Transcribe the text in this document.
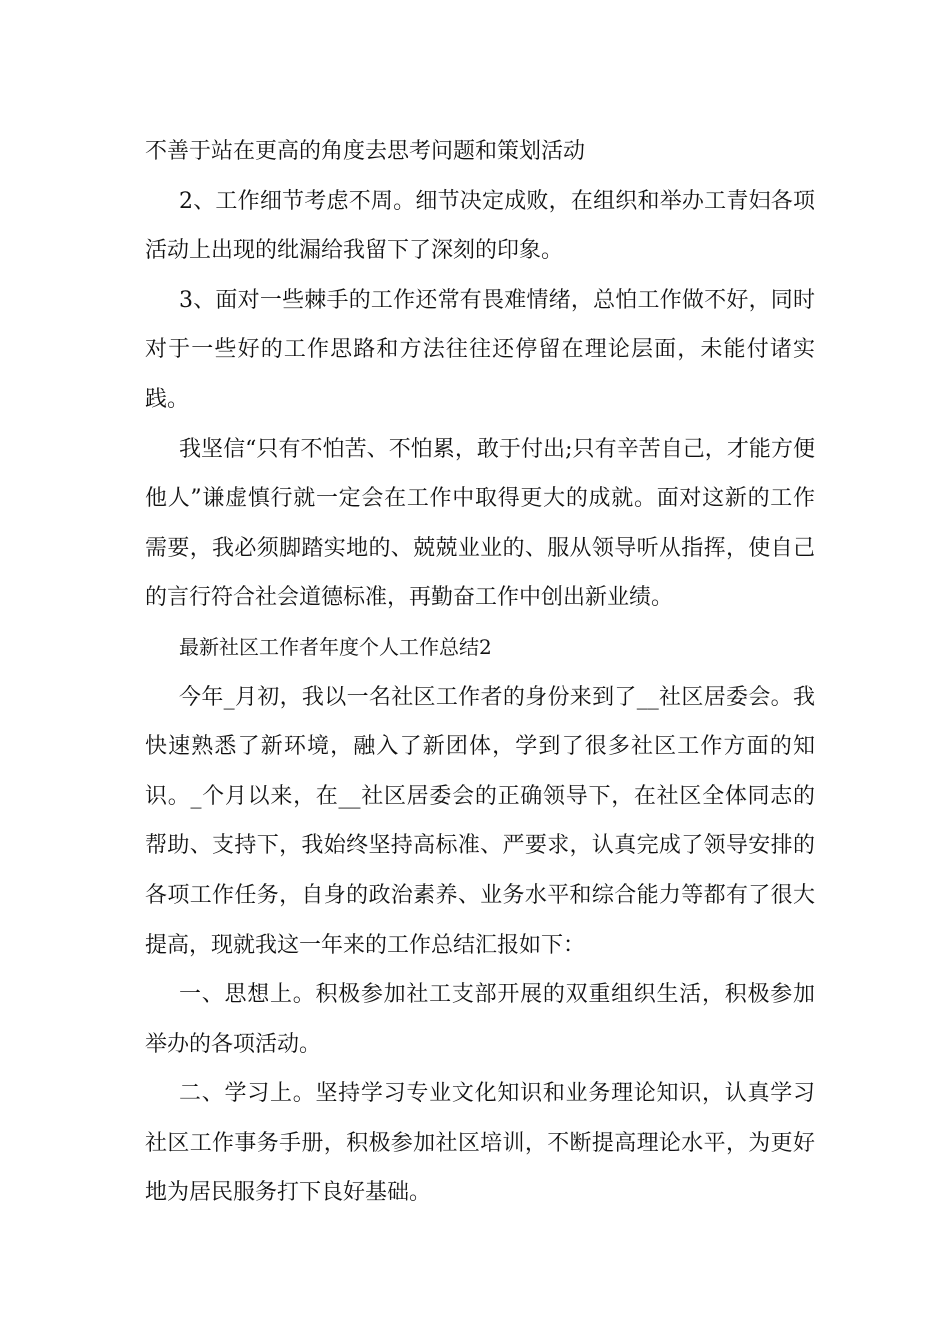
不善于站在更高的角度去思考问题和策划活动

2、工作细节考虑不周。细节决定成败，在组织和举办工青妇各项活动上出现的纰漏给我留下了深刻的印象。

3、面对一些棘手的工作还常有畏难情绪，总怕工作做不好，同时对于一些好的工作思路和方法往往还停留在理论层面，未能付诸实践。

我坚信“只有不怕苦、不怕累，敢于付出;只有辛苦自己，才能方便他人”谦虚慎行就一定会在工作中取得更大的成就。面对这新的工作需要，我必须脚踏实地的、兢兢业业的、服从领导听从指挥，使自己的言行符合社会道德标准，再勤奋工作中创出新业绩。

最新社区工作者年度个人工作总结2

今年_月初，我以一名社区工作者的身份来到了__社区居委会。我快速熟悉了新环境，融入了新团体，学到了很多社区工作方面的知识。_个月以来，在__社区居委会的正确领导下，在社区全体同志的帮助、支持下，我始终坚持高标准、严要求，认真完成了领导安排的各项工作任务，自身的政治素养、业务水平和综合能力等都有了很大提高，现就我这一年来的工作总结汇报如下：

一、思想上。积极参加社工支部开展的双重组织生活，积极参加举办的各项活动。

二、学习上。坚持学习专业文化知识和业务理论知识，认真学习社区工作事务手册，积极参加社区培训，不断提高理论水平，为更好地为居民服务打下良好基础。
